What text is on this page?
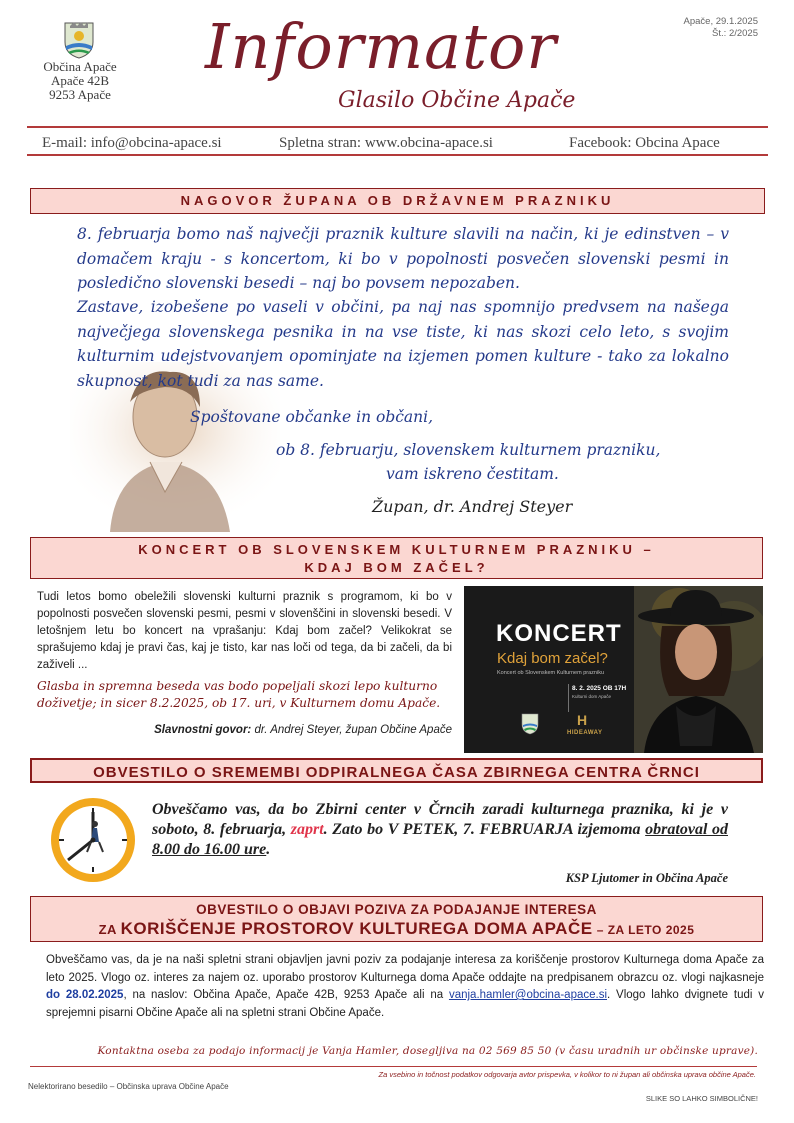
Občina Apače
Apače 42B
9253 Apače
Informator
Glasilo Občine Apače
Apače, 29.1.2025
Št.: 2/2025
E-mail: info@obcina-apace.si	Spletna stran: www.obcina-apace.si	Facebook: Obcina Apace
NAGOVOR ŽUPANA OB DRŽAVNEM PRAZNIKU
8. februarja bomo naš največji praznik kulture slavili na način, ki je edinstven – v domačem kraju - s koncertom, ki bo v popolnosti posvečen slovenski pesmi in posledično slovenski besedi – naj bo povsem nepozaben.
Zastave, izobešene po vaseli v občini, pa naj nas spomnijo predvsem na našega največjega slovenskega pesnika in na vse tiste, ki nas skozi celo leto, s svojim kulturnim udejstvovanjem opominjate na izjemen pomen kulture - tako za lokalno skupnost, kot tudi za nas same.
Spoštovane občanke in občani,
ob 8. februarju, slovenskem kulturnem prazniku,
vam iskreno čestitam.
Župan, dr. Andrej Steyer
KONCERT OB SLOVENSKEM KULTURNEM PRAZNIKU –
KDAJ BOM ZAČEL?
Tudi letos bomo obeležili slovenski kulturni praznik s programom, ki bo v popolnosti posvečen slovenski pesmi, pesmi v slovenščini in slovenski besedi. V letošnjem letu bo koncert na vprašanju: Kdaj bom začel? Velikokrat se sprašujemo kdaj je pravi čas, kaj je tisto, kar nas loči od tega, da bi začeli, da bi zaživeli ...
Glasba in spremna beseda vas bodo popeljali skozi lepo kulturno doživetje; in sicer 8.2.2025, ob 17. uri, v Kulturnem domu Apače.
Slavnostni govor: dr. Andrej Steyer, župan Občine Apače
KONCERT
Kdaj bom začel?
Koncert ob Slovenskem Kulturnem prazniku
8. 2. 2025 OB 17H
Kulturni dom Apače
H
HIDEAWAY
OBVESTILO O SREMEMBI ODPIRALNEGA ČASA ZBIRNEGA CENTRA ČRNCI
Obveščamo vas, da bo Zbirni center v Črncih zaradi kulturnega praznika, ki je v soboto, 8. februarja, zaprt. Zato bo V PETEK, 7. FEBRUARJA izjemoma obratoval od 8.00 do 16.00 ure.
KSP Ljutomer in Občina Apače
OBVESTILO O OBJAVI POZIVA ZA PODAJANJE INTERESA
ZA KORIŠČENJE PROSTOROV KULTUREGA DOMA APAČE – ZA LETO 2025
Obveščamo vas, da je na naši spletni strani objavljen javni poziv za podajanje interesa za koriščenje prostorov Kulturnega doma Apače za leto 2025. Vlogo oz. interes za najem oz. uporabo prostorov Kulturnega doma Apače oddajte na predpisanem obrazcu oz. vlogi najkasneje do 28.02.2025, na naslov: Občina Apače, Apače 42B, 9253 Apače ali na vanja.hamler@obcina-apace.si. Vlogo lahko dvignete tudi v sprejemni pisarni Občine Apače ali na spletni strani Občine Apače.
Kontaktna oseba za podajo informacij je Vanja Hamler, dosegljiva na 02 569 85 50 (v času uradnih ur občinske uprave).
Za vsebino in točnost podatkov odgovarja avtor prispevka, v kolikor to ni župan ali občinska uprava občine Apače.
Nelektorirano besedilo – Občinska uprava Občine Apače
SLIKE SO LAHKO SIMBOLIČNE!
